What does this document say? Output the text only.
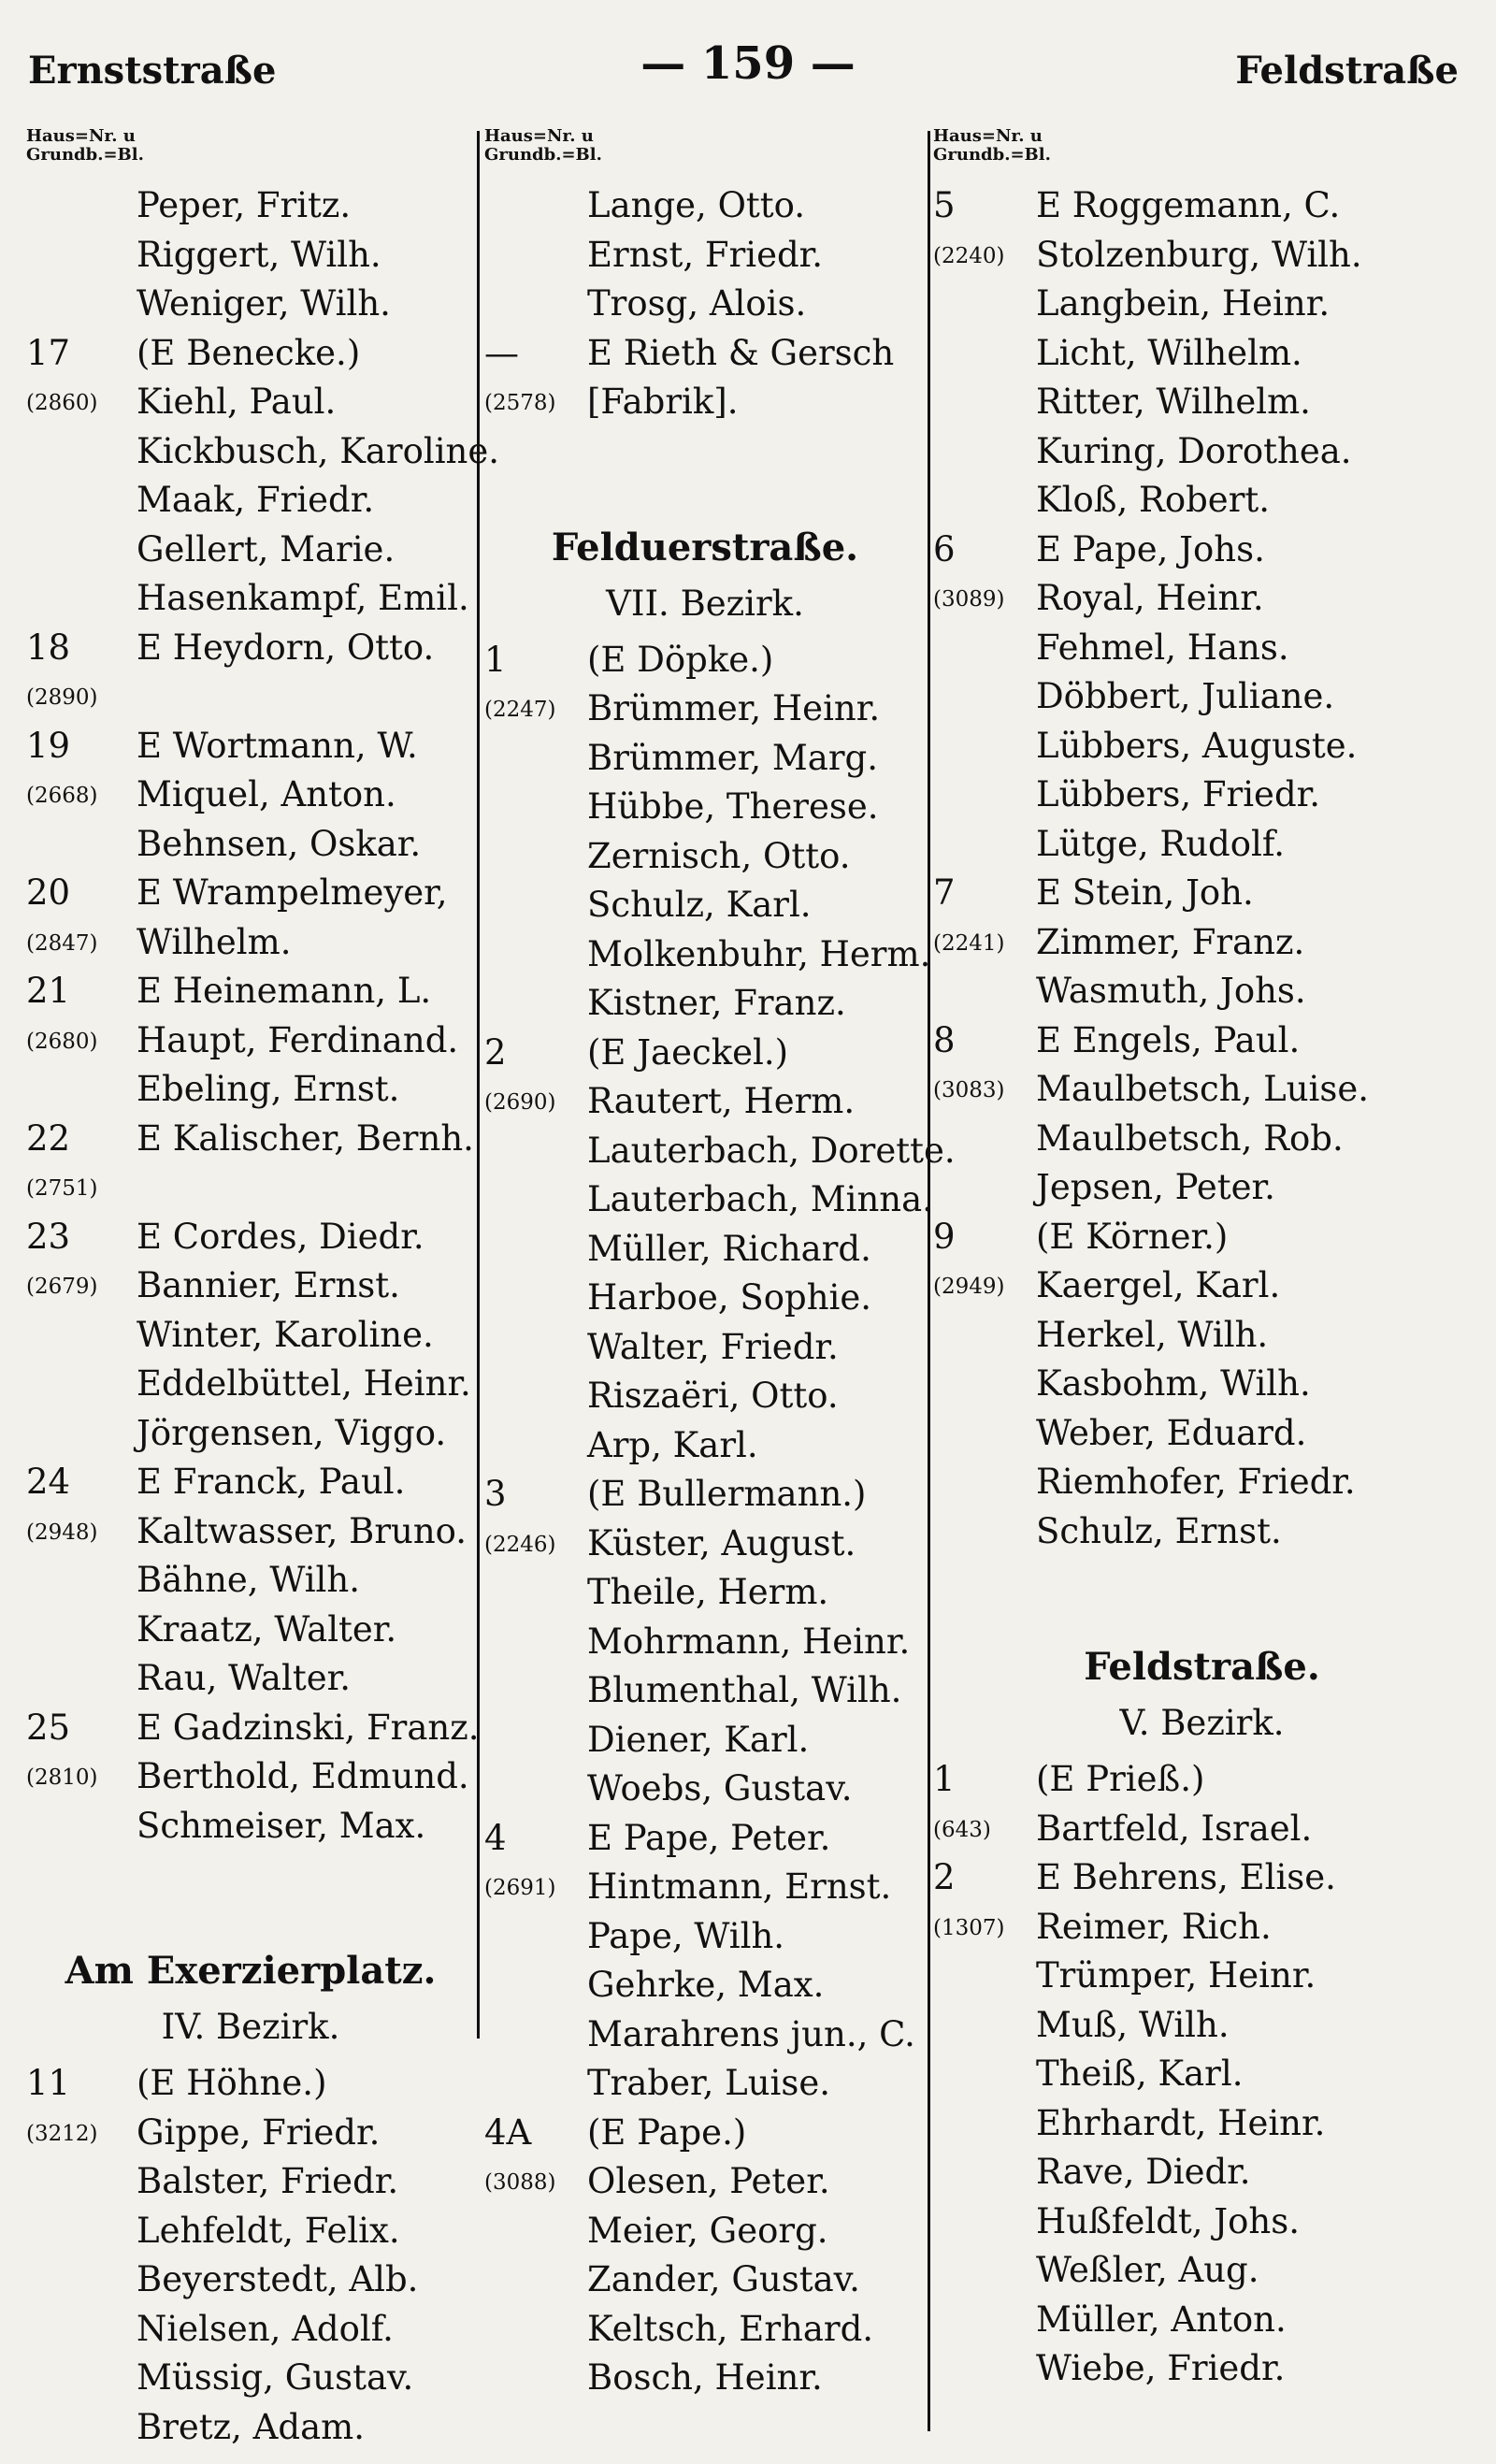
Ernststraße	— 159 —	Feldstraße
Haus=Nr. u
Grundb.=Bl.
Peper, Fritz.
Riggert, Wilh.
Weniger, Wilh.
17	(E Benecke.)
(2860) Kiehl, Paul.
Kickbusch, Karoline.
Maak, Friedr.
Gellert, Marie.
Hasenkampf, Emil.
18	E Heydorn, Otto.
(2890)
19	E Wortmann, W.
(2668) Miquel, Anton.
Behnsen, Oskar.
20	E Wrampelmeyer,
(2847) Wilhelm.
21	E Heinemann, L.
(2680) Haupt, Ferdinand.
Ebeling, Ernst.
22	E Kalischer, Bernh.
(2751)
23	E Cordes, Diedr.
(2679) Bannier, Ernst.
Winter, Karoline.
Eddelbüttel, Heinr.
Jörgensen, Viggo.
24	E Franck, Paul.
(2948) Kaltwasser, Bruno.
Bähne, Wilh.
Kraatz, Walter.
Rau, Walter.
25	E Gadzinski, Franz.
(2810) Berthold, Edmund.
Schmeiser, Max.
Am Exerzierplatz.
IV. Bezirk.
11	(E Höhne.)
(3212) Gippe, Friedr.
Balster, Friedr.
Lehfeldt, Felix.
Beyerstedt, Alb.
Nielsen, Adolf.
Müssig, Gustav.
Bretz, Adam.
Haus=Nr. u
Grundb.=Bl.
Lange, Otto.
Ernst, Friedr.
Trosg, Alois.
—	E Rieth & Gersch
(2578) [Fabrik].
Felduerstraße.
VII. Bezirk.
1	(E Döpke.)
(2247) Brümmer, Heinr.
Brümmer, Marg.
Hübbe, Therese.
Zernisch, Otto.
Schulz, Karl.
Molkenbuhr, Herm.
Kistner, Franz.
2	(E Jaeckel.)
(2690) Rautert, Herm.
Lauterbach, Dorette.
Lauterbach, Minna.
Müller, Richard.
Harboe, Sophie.
Walter, Friedr.
Riszaëri, Otto.
Arp, Karl.
3	(E Bullermann.)
(2246) Küster, August.
Theile, Herm.
Mohrmann, Heinr.
Blumenthal, Wilh.
Diener, Karl.
Woebs, Gustav.
4	E Pape, Peter.
(2691) Hintmann, Ernst.
Pape, Wilh.
Gehrke, Max.
Marahrens jun., C.
Traber, Luise.
4A	(E Pape.)
(3088) Olesen, Peter.
Meier, Georg.
Zander, Gustav.
Keltsch, Erhard.
Bosch, Heinr.
Haus=Nr. u
Grundb.=Bl.
5	E Roggemann, C.
(2240) Stolzenburg, Wilh.
Langbein, Heinr.
Licht, Wilhelm.
Ritter, Wilhelm.
Kuring, Dorothea.
Kloß, Robert.
6	E Pape, Johs.
(3089) Royal, Heinr.
Fehmel, Hans.
Döbbert, Juliane.
Lübbers, Auguste.
Lübbers, Friedr.
Lütge, Rudolf.
7	E Stein, Joh.
(2241) Zimmer, Franz.
Wasmuth, Johs.
8	E Engels, Paul.
(3083) Maulbetsch, Luise.
Maulbetsch, Rob.
Jepsen, Peter.
9	(E Körner.)
(2949) Kaergel, Karl.
Herkel, Wilh.
Kasbohm, Wilh.
Weber, Eduard.
Riemhofer, Friedr.
Schulz, Ernst.
Feldstraße.
V. Bezirk.
1	(E Prieß.)
(643) Bartfeld, Israel.
2	E Behrens, Elise.
(1307) Reimer, Rich.
Trümper, Heinr.
Muß, Wilh.
Theiß, Karl.
Ehrhardt, Heinr.
Rave, Diedr.
Hußfeldt, Johs.
Weßler, Aug.
Müller, Anton.
Wiebe, Friedr.
